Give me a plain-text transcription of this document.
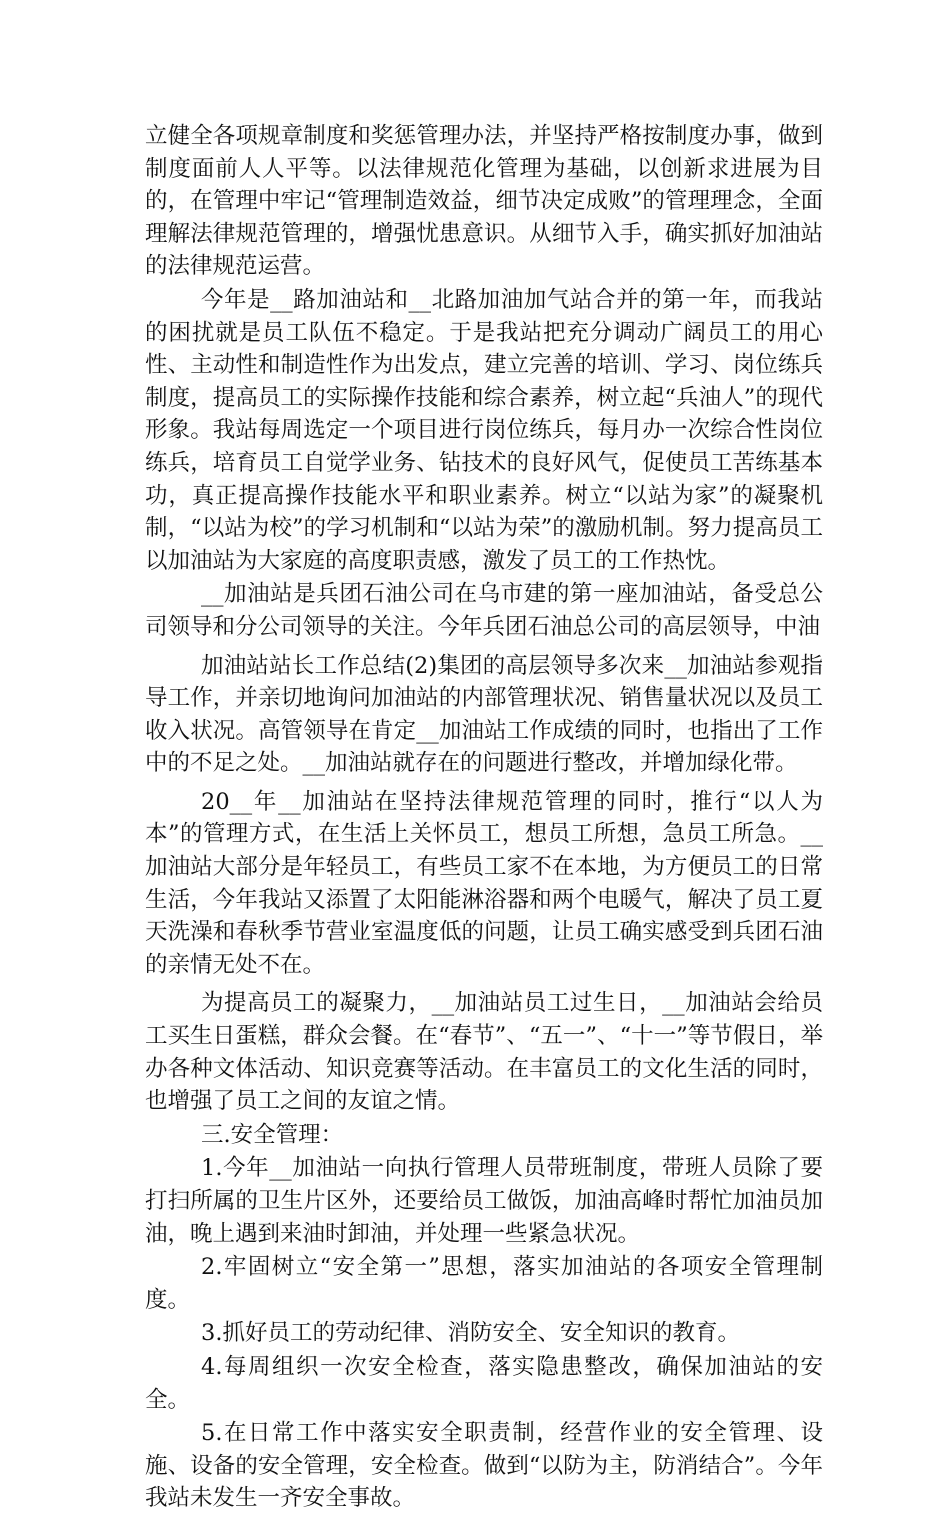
立健全各项规章制度和奖惩管理办法，并坚持严格按制度办事，做到制度面前人人平等。以法律规范化管理为基础，以创新求进展为目的，在管理中牢记“管理制造效益，细节决定成败”的管理理念，全面理解法律规范管理的，增强忧患意识。从细节入手，确实抓好加油站的法律规范运营。

今年是__路加油站和__北路加油加气站合并的第一年，而我站的困扰就是员工队伍不稳定。于是我站把充分调动广阔员工的用心性、主动性和制造性作为出发点，建立完善的培训、学习、岗位练兵制度，提高员工的实际操作技能和综合素养，树立起“兵油人”的现代形象。我站每周选定一个项目进行岗位练兵，每月办一次综合性岗位练兵，培育员工自觉学业务、钻技术的良好风气，促使员工苦练基本功，真正提高操作技能水平和职业素养。树立“以站为家”的凝聚机制，“以站为校”的学习机制和“以站为荣”的激励机制。努力提高员工以加油站为大家庭的高度职责感，激发了员工的工作热忱。

__加油站是兵团石油公司在乌市建的第一座加油站，备受总公司领导和分公司领导的关注。今年兵团石油总公司的高层领导，中油

加油站站长工作总结(2)集团的高层领导多次来__加油站参观指导工作，并亲切地询问加油站的内部管理状况、销售量状况以及员工收入状况。高管领导在肯定__加油站工作成绩的同时，也指出了工作中的不足之处。__加油站就存在的问题进行整改，并增加绿化带。

20__年__加油站在坚持法律规范管理的同时，推行“以人为本”的管理方式，在生活上关怀员工，想员工所想，急员工所急。__加油站大部分是年轻员工，有些员工家不在本地，为方便员工的日常生活，今年我站又添置了太阳能淋浴器和两个电暖气，解决了员工夏天洗澡和春秋季节营业室温度低的问题，让员工确实感受到兵团石油的亲情无处不在。

为提高员工的凝聚力，__加油站员工过生日，__加油站会给员工买生日蛋糕，群众会餐。在“春节”、“五一”、“十一”等节假日，举办各种文体活动、知识竞赛等活动。在丰富员工的文化生活的同时，也增强了员工之间的友谊之情。

三.安全管理：

1.今年__加油站一向执行管理人员带班制度，带班人员除了要打扫所属的卫生片区外，还要给员工做饭，加油高峰时帮忙加油员加油，晚上遇到来油时卸油，并处理一些紧急状况。

2.牢固树立“安全第一”思想，落实加油站的各项安全管理制度。

3.抓好员工的劳动纪律、消防安全、安全知识的教育。

4.每周组织一次安全检查，落实隐患整改，确保加油站的安全。

5.在日常工作中落实安全职责制，经营作业的安全管理、设施、设备的安全管理，安全检查。做到“以防为主，防消结合”。今年我站未发生一齐安全事故。
